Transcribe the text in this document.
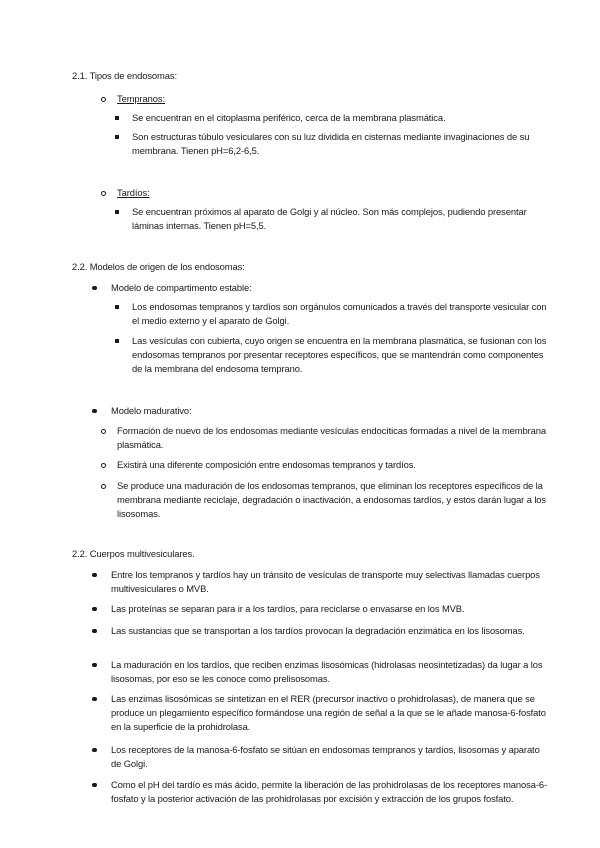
2.1. Tipos de endosomas:
Tempranos:
Se encuentran en el citoplasma periférico, cerca de la membrana plasmática.
Son estructuras túbulo vesiculares con su luz dividida en cisternas mediante invaginaciones de su membrana. Tienen pH=6,2-6,5.
Tardíos:
Se encuentran próximos al aparato de Golgi y al núcleo. Son más complejos, pudiendo presentar láminas internas. Tienen pH=5,5.
2.2. Modelos de origen de los endosomas:
Modelo de compartimento estable:
Los endosomas tempranos y tardíos son orgánulos comunicados a través del transporte vesicular con el medio externo y el aparato de Golgi.
Las vesículas con cubierta, cuyo origen se encuentra en la membrana plasmática, se fusionan con los endosomas tempranos por presentar receptores específicos, que se mantendrán como componentes de la membrana del endosoma temprano.
Modelo madurativo:
Formación de nuevo de los endosomas mediante vesículas endocíticas formadas a nivel de la membrana plasmática.
Existirá una diferente composición entre endosomas tempranos y tardíos.
Se produce una maduración de los endosomas tempranos, que eliminan los receptores específicos de la membrana mediante reciclaje, degradación o inactivación, a endosomas tardíos, y estos darán lugar a los lisosomas.
2.2. Cuerpos multivesiculares.
Entre los tempranos y tardíos hay un tránsito de vesículas de transporte muy selectivas llamadas cuerpos multivesiculares o MVB.
Las proteínas se separan para ir a los tardíos, para reciclarse o envasarse en los MVB.
Las sustancias que se transportan a los tardíos provocan la degradación enzimática en los lisosomas.
La maduración en los tardíos, que reciben enzimas lisosómicas (hidrolasas neosintetizadas) da lugar a los lisosomas, por eso se les conoce como prelisosomas.
Las enzimas lisosómicas se sintetizan en el RER (precursor inactivo o prohidrolasas), de manera que se produce un plegamiento específico formándose una región de señal a la que se le añade manosa-6-fosfato en la superficie de la prohidrolasa.
Los receptores de la manosa-6-fosfato se sitúan en endosomas tempranos y tardíos, lisosomas y aparato de Golgi.
Como el pH del tardío es más ácido, permite la liberación de las prohidrolasas de los receptores manosa-6-fosfato y la posterior activación de las prohidrolasas por excisión y extracción de los grupos fosfato.
